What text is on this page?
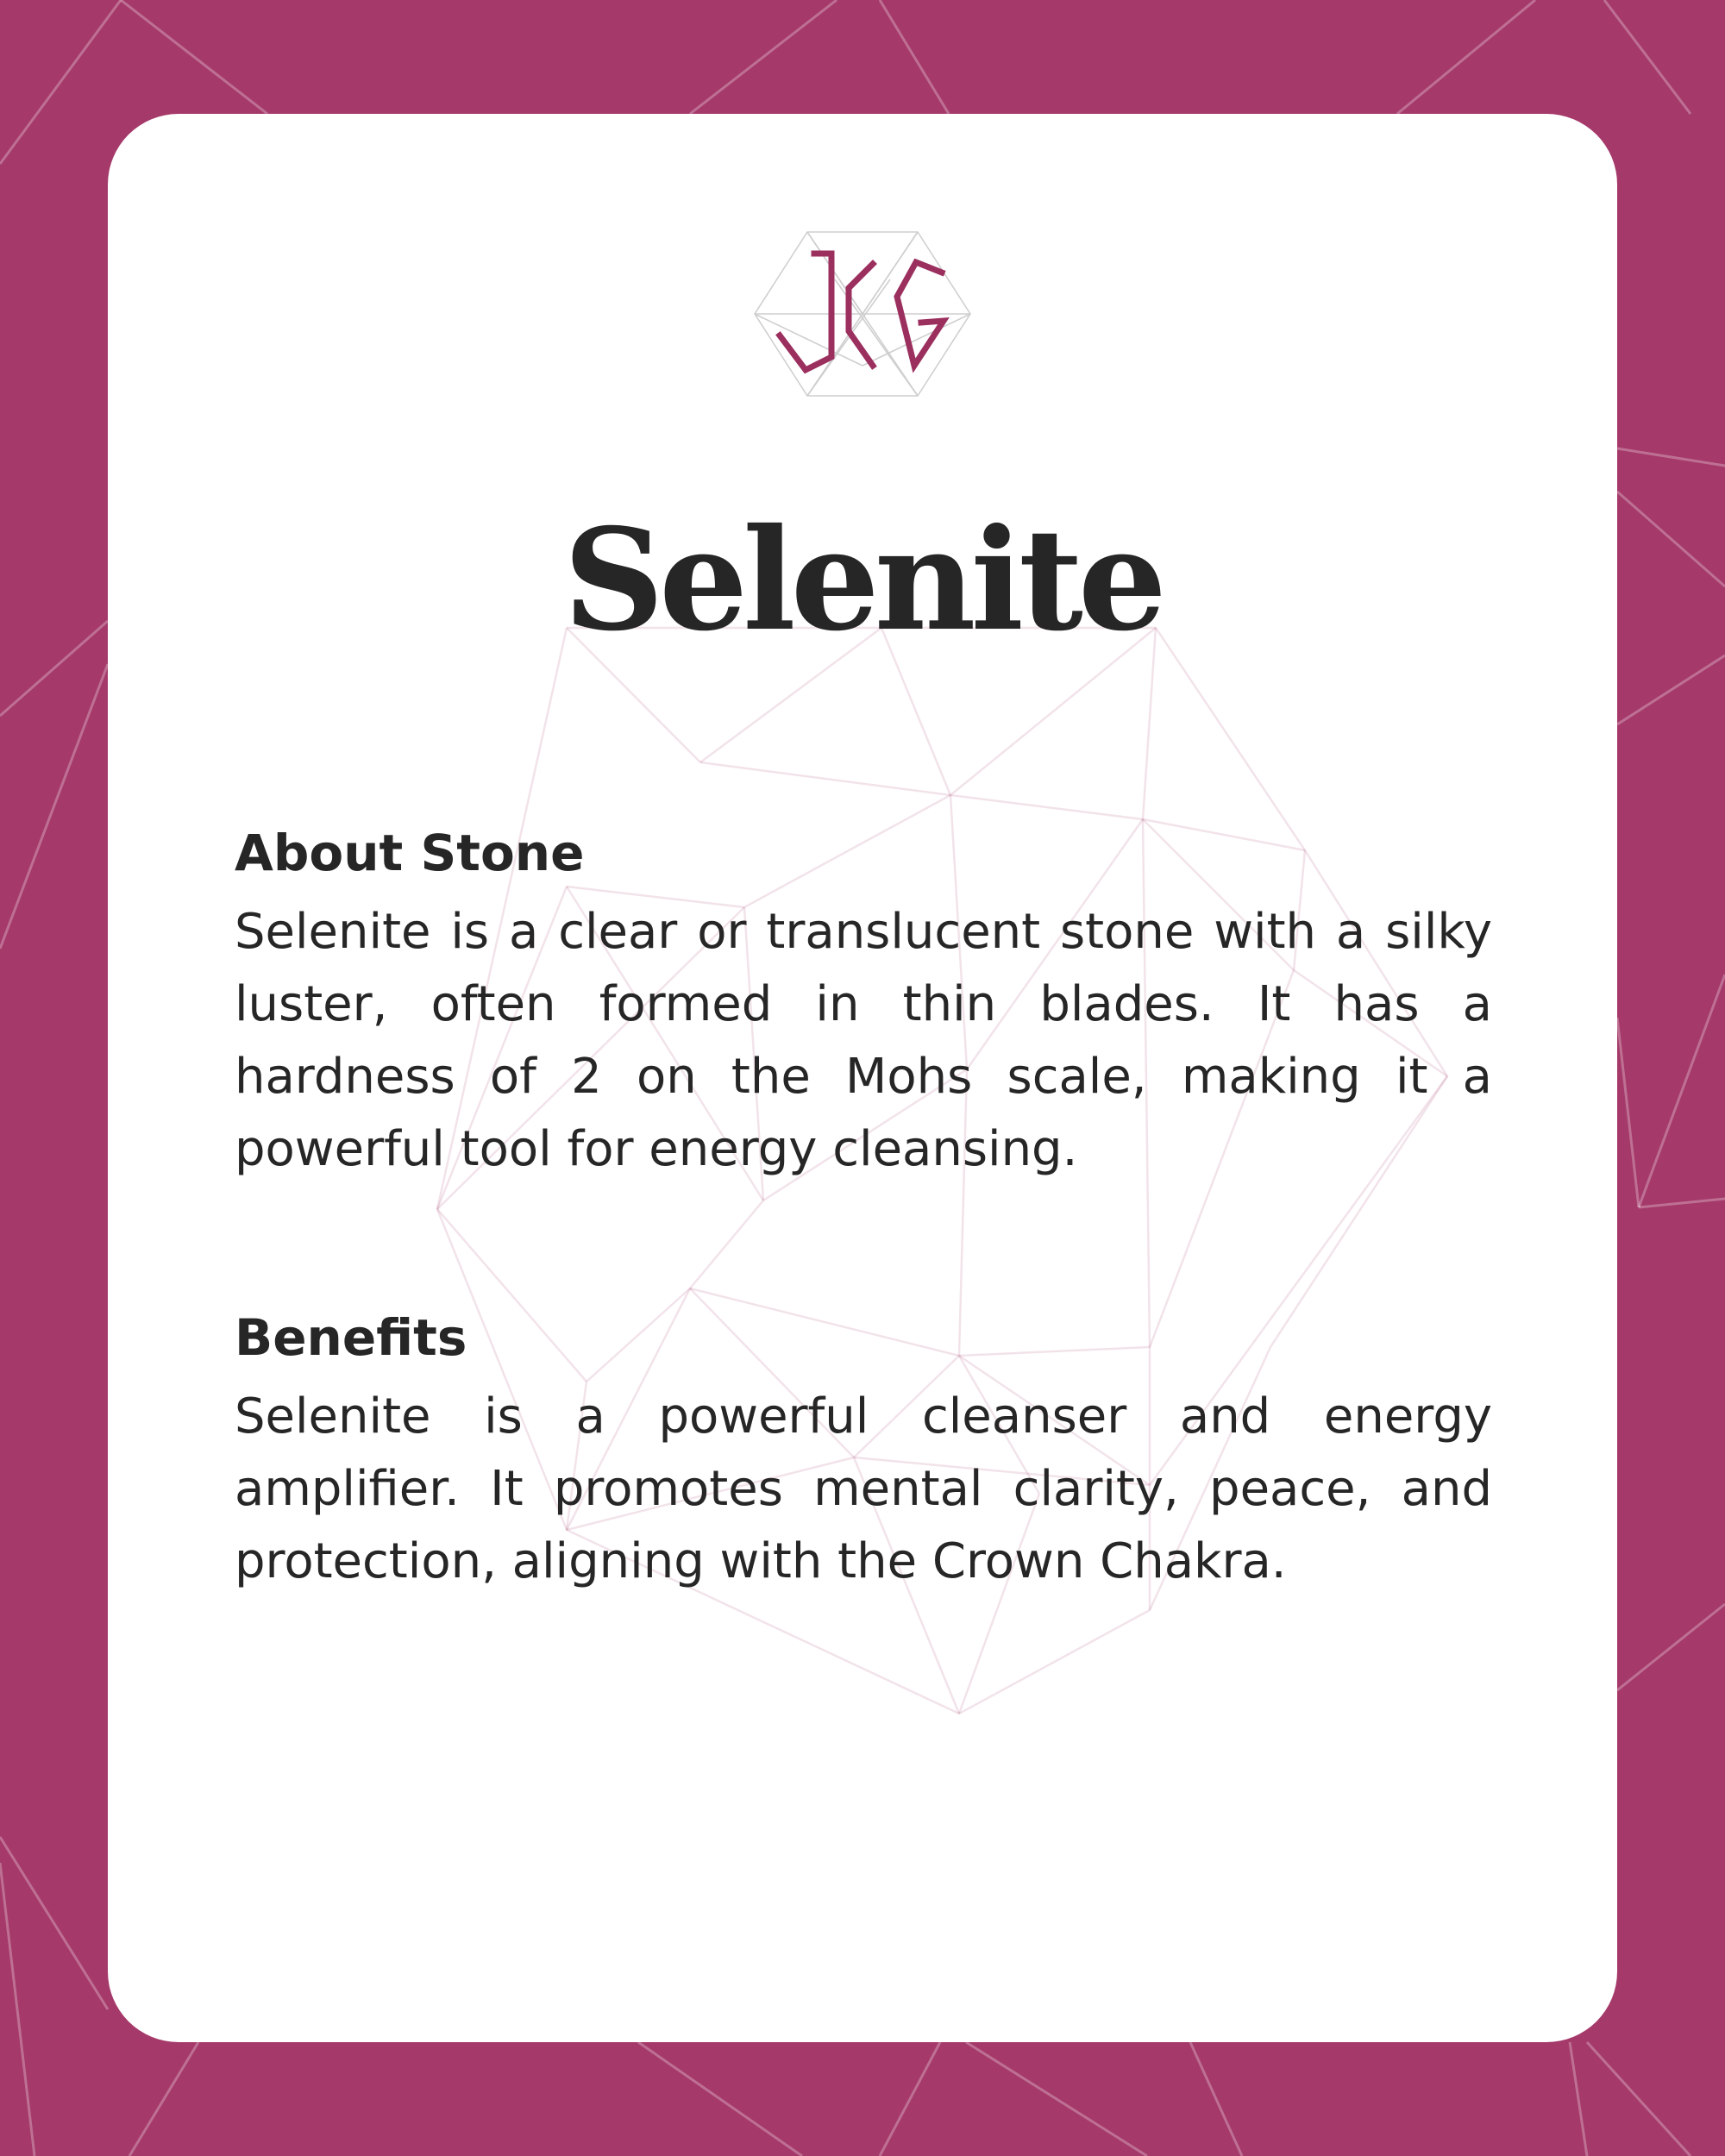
Selenite
About Stone

Selenite is a clear or translucent stone with a silky luster, often formed in thin blades. It has a hardness of 2 on the Mohs scale, making it a powerful tool for energy cleansing.

Benefits

Selenite is a powerful cleanser and energy amplifier. It promotes mental clarity, peace, and protection, aligning with the Crown Chakra.
